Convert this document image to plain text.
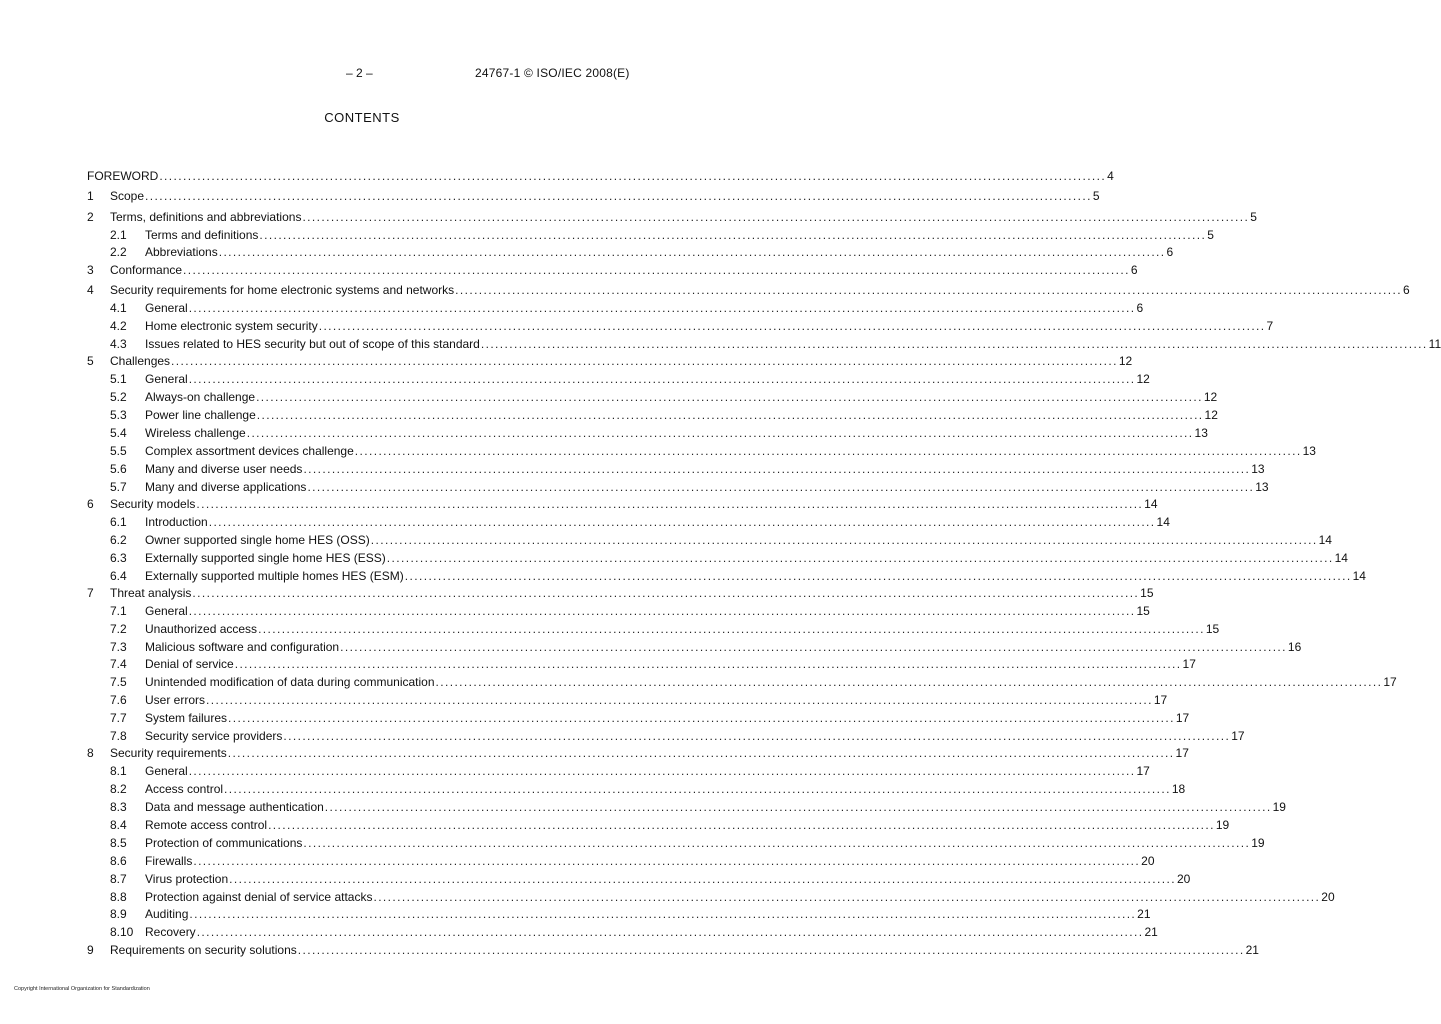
– 2 –	24767-1 © ISO/IEC 2008(E)
CONTENTS
FOREWORD ........................................................................................................................................................................................................ 4
1 Scope ........................................................................................................................................................................................................ 5
2 Terms, definitions and abbreviations ........................................................................................................................................................................................................ 5
2.1 Terms and definitions ........................................................................................................................................................................................................ 5
2.2 Abbreviations ........................................................................................................................................................................................................ 6
3 Conformance ........................................................................................................................................................................................................ 6
4 Security requirements for home electronic systems and networks ........................................................................................................................................................................................................ 6
4.1 General ........................................................................................................................................................................................................ 6
4.2 Home electronic system security ........................................................................................................................................................................................................ 7
4.3 Issues related to HES security but out of scope of this standard ........................................................................................................................................................................................................ 11
5 Challenges ........................................................................................................................................................................................................ 12
5.1 General ........................................................................................................................................................................................................ 12
5.2 Always-on challenge ........................................................................................................................................................................................................ 12
5.3 Power line challenge ........................................................................................................................................................................................................ 12
5.4 Wireless challenge ........................................................................................................................................................................................................ 13
5.5 Complex assortment devices challenge ........................................................................................................................................................................................................ 13
5.6 Many and diverse user needs ........................................................................................................................................................................................................ 13
5.7 Many and diverse applications ........................................................................................................................................................................................................ 13
6 Security models ........................................................................................................................................................................................................ 14
6.1 Introduction ........................................................................................................................................................................................................ 14
6.2 Owner supported single home HES (OSS) ........................................................................................................................................................................................................ 14
6.3 Externally supported single home HES (ESS) ........................................................................................................................................................................................................ 14
6.4 Externally supported multiple homes HES (ESM) ........................................................................................................................................................................................................ 14
7 Threat analysis ........................................................................................................................................................................................................ 15
7.1 General ........................................................................................................................................................................................................ 15
7.2 Unauthorized access ........................................................................................................................................................................................................ 15
7.3 Malicious software and configuration ........................................................................................................................................................................................................ 16
7.4 Denial of service ........................................................................................................................................................................................................ 17
7.5 Unintended modification of data during communication ........................................................................................................................................................................................................ 17
7.6 User errors ........................................................................................................................................................................................................ 17
7.7 System failures ........................................................................................................................................................................................................ 17
7.8 Security service providers ........................................................................................................................................................................................................ 17
8 Security requirements ........................................................................................................................................................................................................ 17
8.1 General ........................................................................................................................................................................................................ 17
8.2 Access control ........................................................................................................................................................................................................ 18
8.3 Data and message authentication ........................................................................................................................................................................................................ 19
8.4 Remote access control ........................................................................................................................................................................................................ 19
8.5 Protection of communications ........................................................................................................................................................................................................ 19
8.6 Firewalls ........................................................................................................................................................................................................ 20
8.7 Virus protection ........................................................................................................................................................................................................ 20
8.8 Protection against denial of service attacks ........................................................................................................................................................................................................ 20
8.9 Auditing ........................................................................................................................................................................................................ 21
8.10 Recovery ........................................................................................................................................................................................................ 21
9 Requirements on security solutions ........................................................................................................................................................................................................ 21
Copyright International Organization for Standardization
